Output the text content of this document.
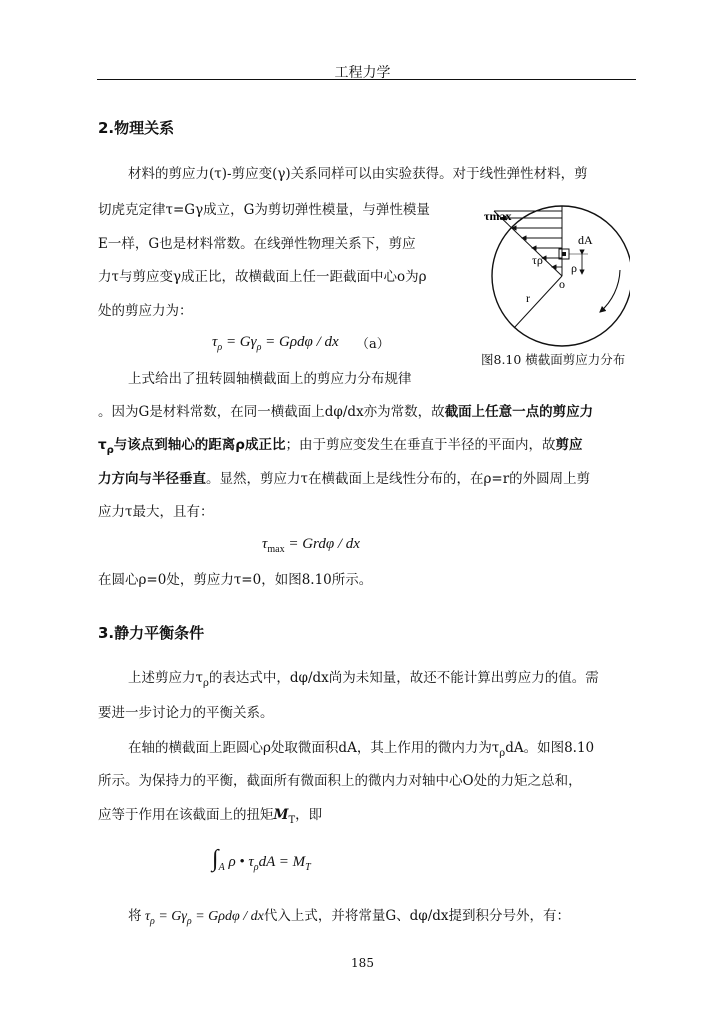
工程力学
2.物理关系
材料的剪应力(τ)-剪应变(γ)关系同样可以由实验获得。对于线性弹性材料，剪
切虎克定律τ=Gγ成立，G为剪切弹性模量，与弹性模量
E一样，G也是材料常数。在线弹性物理关系下，剪应
力τ与剪应变γ成正比，故横截面上任一距截面中心o为ρ
处的剪应力为：
$\tau_\rho = G\gamma_\rho = G\rho d\varphi$ / dx （a）
τmax
τρ
dA
ρ
o
r
图8.10 横截面剪应力分布
上式给出了扭转圆轴横截面上的剪应力分布规律
。因为G是材料常数，在同一横截面上dφ/dx亦为常数，故截面上任意一点的剪应力
$\tau_\rho$与该点到轴心的距离ρ成正比；由于剪应变发生在垂直于半径的平面内，故剪应
力方向与半径垂直。显然，剪应力τ在横截面上是线性分布的，在ρ=r的外圆周上剪
应力τ最大，且有：
$\tau_{max} = Grd\varphi$ / dx
在圆心ρ=0处，剪应力τ=0，如图8.10所示。
3.静力平衡条件
上述剪应力$\tau_\rho$的表达式中，dφ/dx尚为未知量，故还不能计算出剪应力的值。需
要进一步讨论力的平衡关系。
在轴的横截面上距圆心ρ处取微面积dA，其上作用的微内力为$\tau_\rho dA$。如图8.10
所示。为保持力的平衡，截面所有微面积上的微内力对轴中心O处的力矩之总和，
应等于作用在该截面上的扭矩$M_T$，即
$\int_A$ ρ • $\tau_\rho dA = M_T$
将 $\tau_\rho = G\gamma_\rho = G\rho d\varphi$ / dx代入上式，并将常量G、dφ/dx提到积分号外，有：
185
